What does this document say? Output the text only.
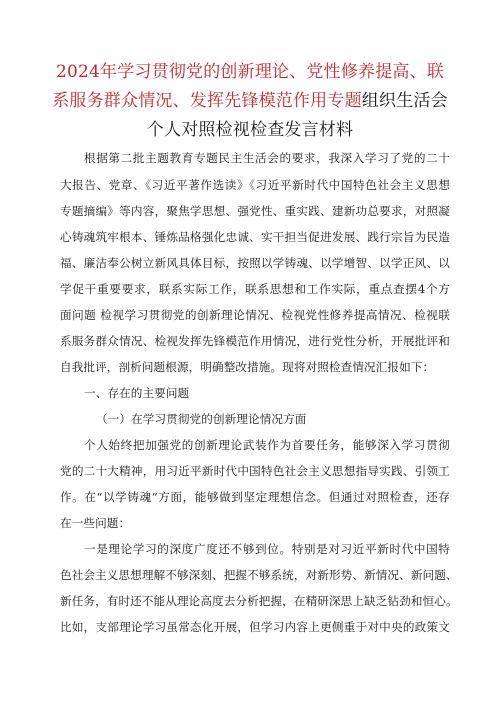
2024年学习贯彻党的创新理论、党性修养提高、联
系服务群众情况、发挥先锋模范作用专题组织生活会
个人对照检视检查发言材料
根据第二批主题教育专题民主生活会的要求，我深入学习了党的二十
大报告、党章、《习近平著作选读》《习近平新时代中国特色社会主义思想
专题摘编》等内容，聚焦学思想、强党性、重实践、建新功总要求，对照凝
心铸魂筑牢根本、锤炼品格强化忠诚、实干担当促进发展、践行宗旨为民造
福、廉洁奉公树立新风具体目标，按照以学铸魂、以学增智、以学正风、以
学促干重要要求，联系实际工作，联系思想和工作实际，重点查摆4个方
面问题 检视学习贯彻党的创新理论情况、检视党性修养提高情况、检视联
系服务群众情况、检视发挥先锋模范作用情况，进行党性分析，开展批评和
自我批评，剖析问题根源，明确整改措施。现将对照检查情况汇报如下：
一、存在的主要问题
（一）在学习贯彻党的创新理论情况方面
个人始终把加强党的创新理论武装作为首要任务，能够深入学习贯彻
党的二十大精神，用习近平新时代中国特色社会主义思想指导实践、引领工
作。在“以学铸魂”方面，能够做到坚定理想信念。但通过对照检查，还存
在一些问题：
一是理论学习的深度广度还不够到位。特别是对习近平新时代中国特
色社会主义思想理解不够深刻、把握不够系统，对新形势、新情况、新问题、
新任务，有时还不能从理论高度去分析把握，在精研深思上缺乏钻劲和恒心。
比如，支部理论学习虽常态化开展，但学习内容上更侧重于对中央的政策文
